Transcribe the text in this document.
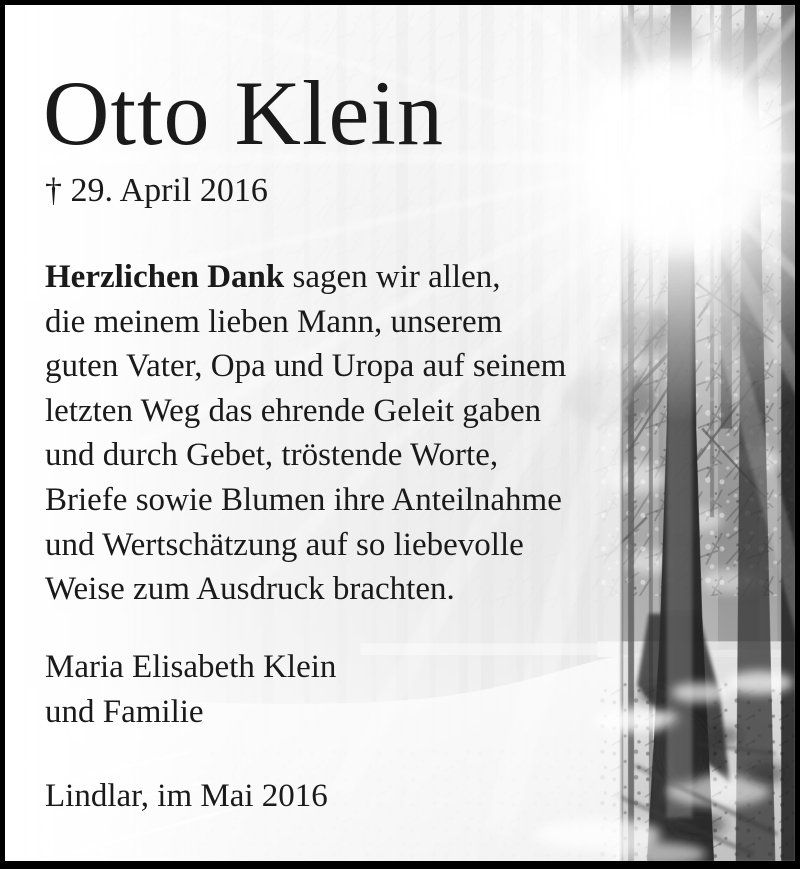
Otto Klein
† 29. April 2016
Herzlichen Dank sagen wir allen,
die meinem lieben Mann, unserem
guten Vater, Opa und Uropa auf seinem
letzten Weg das ehrende Geleit gaben
und durch Gebet, tröstende Worte,
Briefe sowie Blumen ihre Anteilnahme
und Wertschätzung auf so liebevolle
Weise zum Ausdruck brachten.
Maria Elisabeth Klein
und Familie
Lindlar, im Mai 2016
